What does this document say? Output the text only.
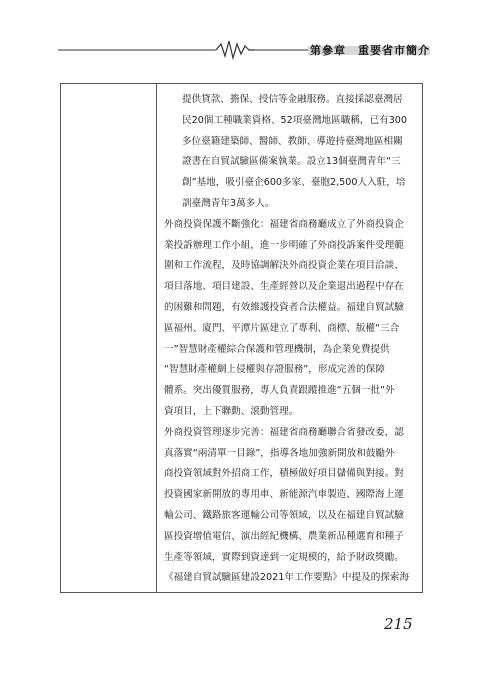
第參章　重要省市簡介
提供貸款、擔保、授信等金融服務。直接採認臺灣居
民20個工種職業資格、52項臺灣地區職稱，已有300
多位臺籍建築師、醫師、教師、導遊持臺灣地區相關
證書在自貿試驗區備案執業。設立13個臺灣青年“三
創”基地，吸引臺企600多家、臺胞2,500人入駐，培
訓臺灣青年3萬多人。
外商投資保護不斷強化：福建省商務廳成立了外商投資企
業投訴辦理工作小組，進一步明確了外商投訴案件受理範
圍和工作流程，及時協調解決外商投資企業在項目洽談、
項目落地、項目建設、生產經營以及企業退出過程中存在
的困難和問題，有效維護投資者合法權益。福建自貿試驗
區福州、廈門、平潭片區建立了專利、商標、版權“三合
一”智慧財產權綜合保護和管理機制，為企業免費提供
“智慧財產權網上侵權與存證服務”，形成完善的保障
體系。突出優質服務，專人負責跟蹤推進“五個一批”外
資項目，上下聯動、滾動管理。
外商投資管理逐步完善：福建省商務廳聯合省發改委，認
真落實“兩清單一目錄”，指導各地加強新開放和鼓勵外
商投資領域對外招商工作，積極做好項目儲備與對接。對
投資國家新開放的專用車、新能源汽車製造、國際海上運
輸公司、鐵路旅客運輸公司等領域，以及在福建自貿試驗
區投資增值電信、演出經紀機構、農業新品種選育和種子
生產等領域，實際到資達到一定規模的，給予財政獎勵。
《福建自貿試驗區建設2021年工作要點》中提及的探索海
215
